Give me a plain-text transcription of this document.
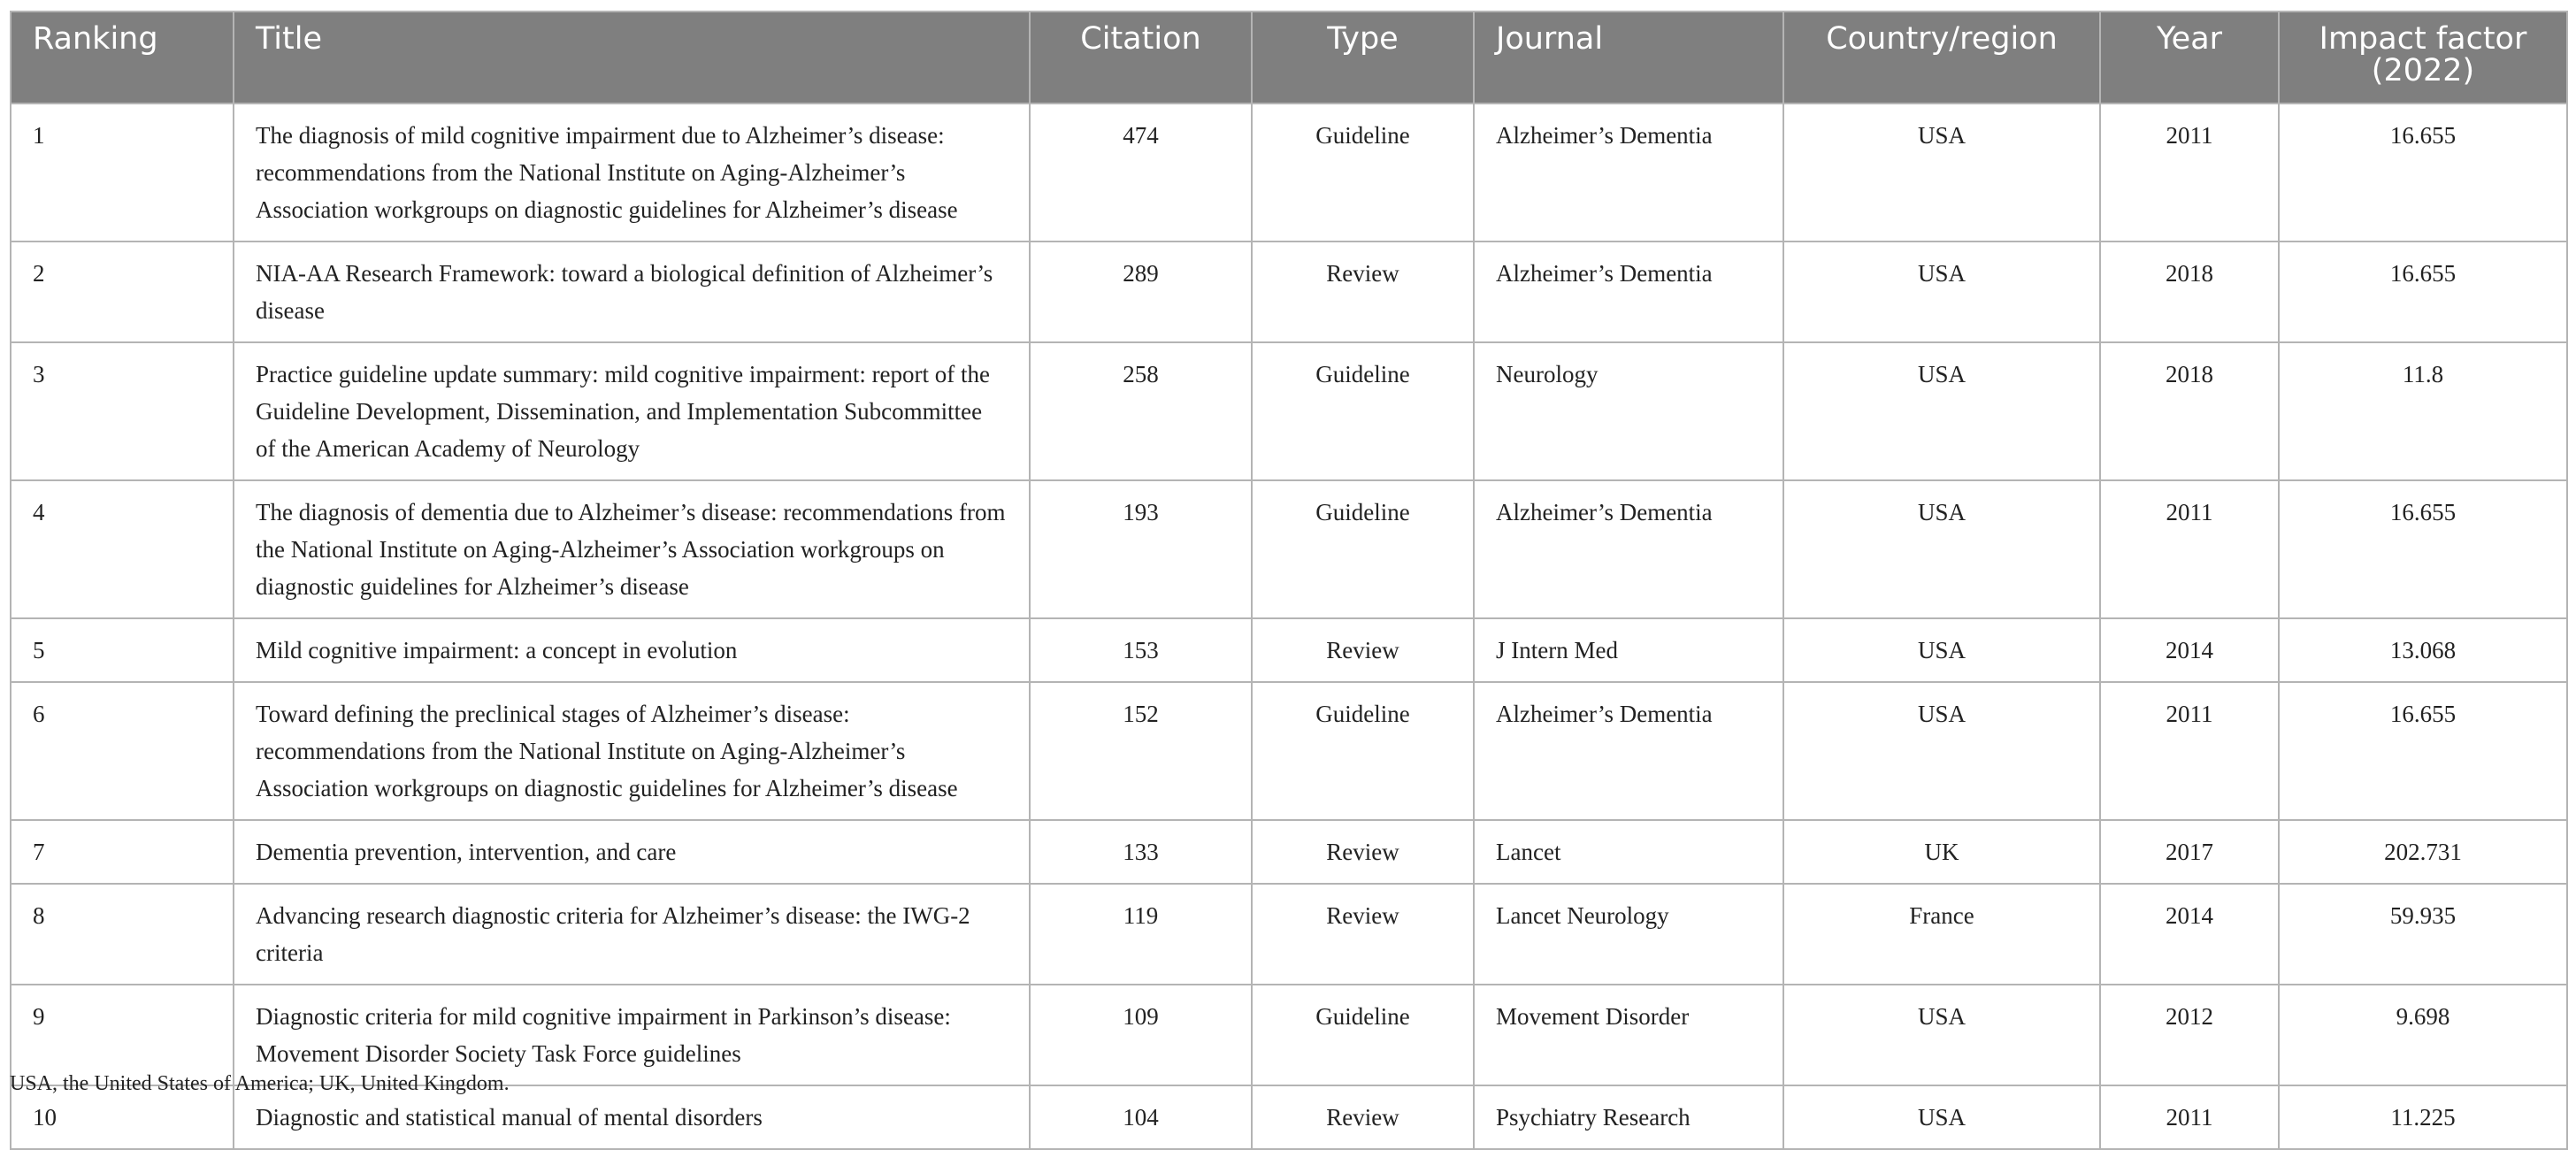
Ranking	Title	Citation	Type	Journal	Country/region	Year	Impact factor (2022)
1	The diagnosis of mild cognitive impairment due to Alzheimer’s disease: recommendations from the National Institute on Aging-Alzheimer’s Association workgroups on diagnostic guidelines for Alzheimer’s disease	474	Guideline	Alzheimer’s Dementia	USA	2011	16.655
2	NIA-AA Research Framework: toward a biological definition of Alzheimer’s disease	289	Review	Alzheimer’s Dementia	USA	2018	16.655
3	Practice guideline update summary: mild cognitive impairment: report of the Guideline Development, Dissemination, and Implementation Subcommittee of the American Academy of Neurology	258	Guideline	Neurology	USA	2018	11.8
4	The diagnosis of dementia due to Alzheimer’s disease: recommendations from the National Institute on Aging-Alzheimer’s Association workgroups on diagnostic guidelines for Alzheimer’s disease	193	Guideline	Alzheimer’s Dementia	USA	2011	16.655
5	Mild cognitive impairment: a concept in evolution	153	Review	J Intern Med	USA	2014	13.068
6	Toward defining the preclinical stages of Alzheimer’s disease: recommendations from the National Institute on Aging-Alzheimer’s Association workgroups on diagnostic guidelines for Alzheimer’s disease	152	Guideline	Alzheimer’s Dementia	USA	2011	16.655
7	Dementia prevention, intervention, and care	133	Review	Lancet	UK	2017	202.731
8	Advancing research diagnostic criteria for Alzheimer’s disease: the IWG-2 criteria	119	Review	Lancet Neurology	France	2014	59.935
9	Diagnostic criteria for mild cognitive impairment in Parkinson’s disease: Movement Disorder Society Task Force guidelines	109	Guideline	Movement Disorder	USA	2012	9.698
10	Diagnostic and statistical manual of mental disorders	104	Review	Psychiatry Research	USA	2011	11.225
USA, the United States of America; UK, United Kingdom.
